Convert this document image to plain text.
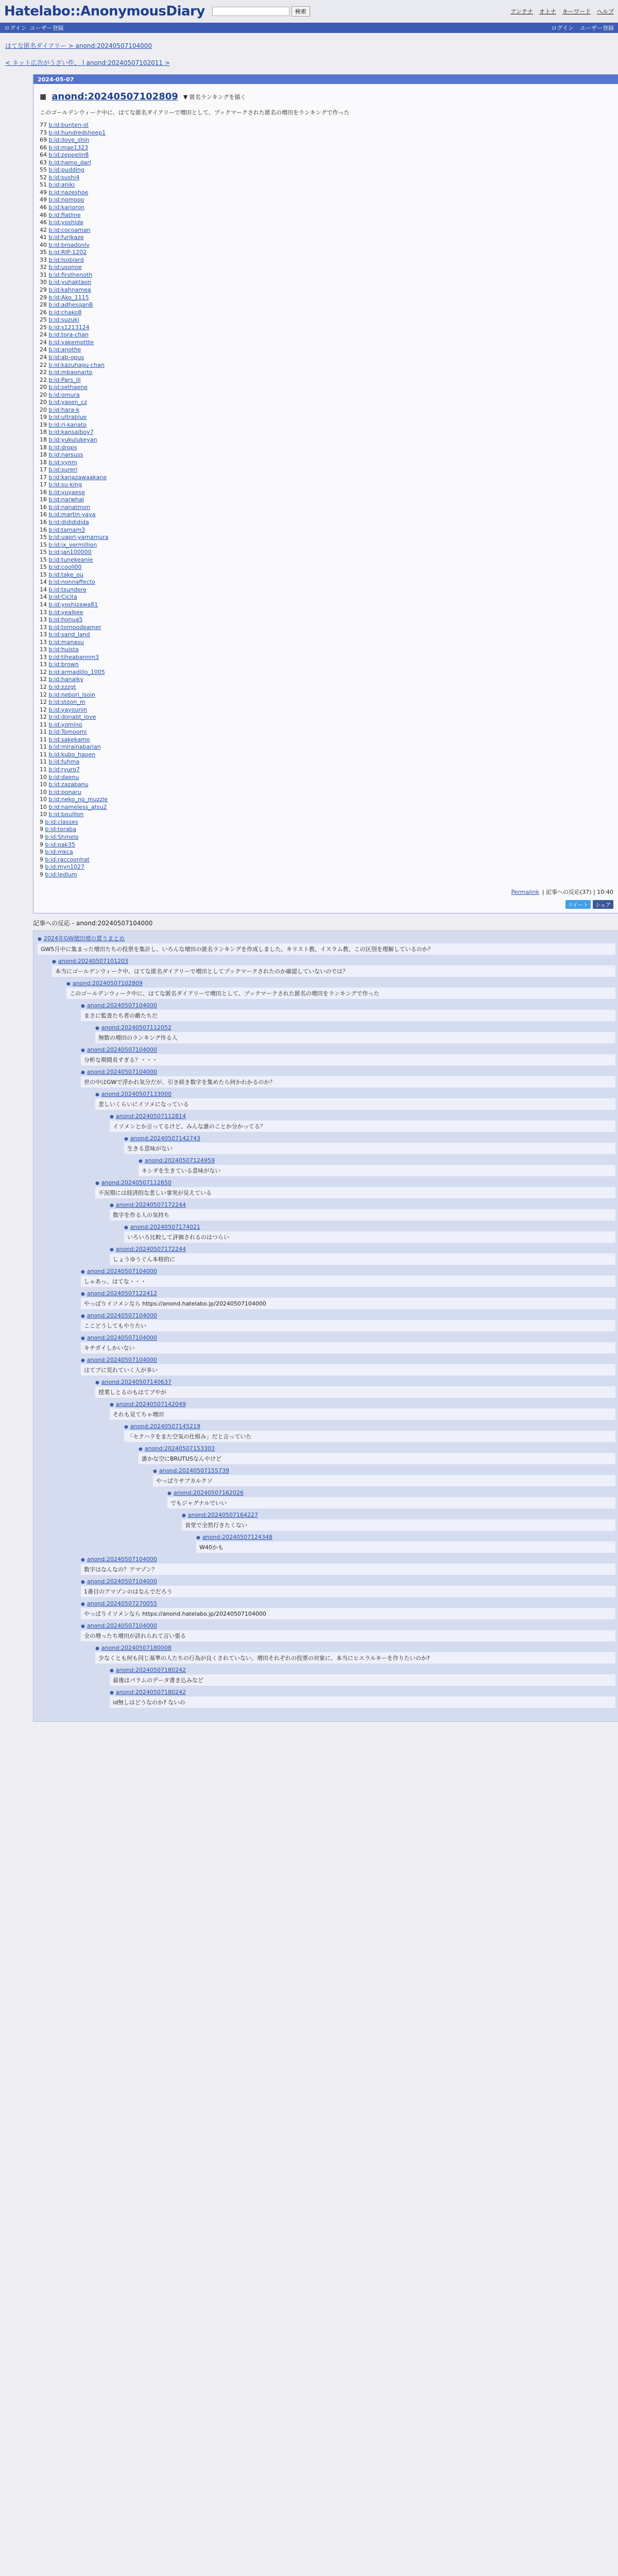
Hatelabo::AnonymousDiary	検索	アンテナ オトナ キーワード ヘルプ
ログイン ユーザー登録	ログイン ユーザー登録
はてな匿名ダイアリー > anond:20240507104000
< ネット広告がうざい件、 | anond:20240507102011 >
2024-05-07
■ anond:20240507102809 ▼ 匿名ランキングを描く
このゴールデンウィーク中に、はてな匿名ダイアリーで増田として、ブックマークされた匿名の増田をランキングで作った
77 b:id:bunten-st
73 b:id:hundredsheep1
69 b:id:ilove_shin
66 b:id:mae1323
64 b:id:zeppelin8
63 b:id:hamo_darl
55 b:id:pudding
52 b:id:sushi4
51 b:id:aniki
49 b:id:nazeshoe
49 b:id:nomooo
46 b:id:karioron
46 b:id:flatline
46 b:id:yoshida
42 b:id:cocoaman
41 b:id:furikaze
40 b:id:broadonly
35 b:id:RIP-1202
33 b:id:Isobiard
32 b:id:usonoe
31 b:id:firsthenoth
30 b:id:yuhaktaon
29 b:id:kahnamea
29 b:id:Ako_1115
28 b:id:adhesqanB
26 b:id:chako8
25 b:id:suzuki
25 b:id:s1213124
24 b:id:tora-chan
24 b:id:yakemottte
24 b:id:anothe
24 b:id:ab-opus
22 b:id:kazuhagu-chan
22 b:id:mbaonarto
22 b:id:Pars_ili
20 b:id:sethaene
20 b:id:omura
20 b:id:yasen_cz
20 b:id:hara-k
19 b:id:ultrablue
19 b:id:ri-kanato
18 b:id:kansaiboy7
18 b:id:yukulukeyan
18 b:id:drops
18 b:id:narsuss
18 b:id:yynm
17 b:id:sureri
17 b:id:kanazawaakane
17 b:id:su-king
16 b:id:yuyaese
16 b:id:narwhal
16 b:id:nanatmon
16 b:id:martin-yaya
16 b:id:didididida
16 b:id:tamam3
15 b:id:uapri-yamamura
15 b:id:ix_vermillion
15 b:id:jan100000
15 b:id:tunekeanie
15 b:id:cooll00
15 b:id:take_ou
14 b:id:nonnaffecto
14 b:id:tsundere
14 b:id:Cicita
14 b:id:yoshizawa81
13 b:id:yealkee
13 b:id:honua5
13 b:id:tomoodeamer
13 b:id:sand_land
13 b:id:manasu
13 b:id:huista
13 b:id:tiheabannm3
13 b:id:brown
12 b:id:armadillo_1005
12 b:id:hanaiky
12 b:id:zzzgt
12 b:id:nebori_lsoin
12 b:id:stoon_m
12 b:id:yayounin
12 b:id:donabt_love
11 b:id:yomino
11 b:id:Tomoomi
11 b:id:sakekamo
11 b:id:mirainabarian
11 b:id:kubo_haoen
11 b:id:fuhma
11 b:id:ryuro7
10 b:id:daenu
10 b:id:zazabanu
10 b:id:ponaru
10 b:id:neko_no_muzzle
10 b:id:nameless_atsu2
10 b:id:bouillon
9 b:id:classes
9 b:id:toraba
9 b:id:Shinelo
9 b:id:pak35
9 b:id:mkca
9 b:id:raccoonhat
9 b:id:myn1027
9 b:id:ledlum
Permalink | 記事への反応(37) | 10:40
ツイート	シェア
記事への反応 - anond:20240507104000
● 2024年GW増田増の賞りまとめ
GW5月中に集まった増田たちの投票を集計し、いろんな増田の匿名ランキングを作成しました。キリスト教、イスラム教、この区別を理解しているのか？
● anond:20240507101203
本当にゴールデンウィーク中、はてな匿名ダイアリーで増田としてブックマークされたのか確認していないのでは？
● anond:20240507102809
このゴールデンウィーク中に、はてな匿名ダイアリーで増田として、ブックマークされた匿名の増田をランキングで作った
● anond:20240507104000
まさに監査たち者の敵たちだ
● anond:20240507112052
無数の増田のランキング作る人
● anond:20240507104000
分析な期間長すぎる？・・・
● anond:20240507104000
世の中はGWで浮かれ気分だが、引き続き数字を集めたら何かわかるのか？
● anond:20240507133000
悲しいくらいにイソメになっている
● anond:20240507112814
イソメンとか言ってるけど、みんな誰のことか分かってる？
● anond:20240507142743
生きる意味がない
● anond:20240507124959
キシダを生きている意味がない
● anond:20240507112650
不況期には経済的な悲しい事実が見えている
● anond:20240507172244
数字を作る人の気持ち
● anond:20240507174021
いろいろ比較して評価されるのはつらい
● anond:20240507172244
しょうゆうぐん本格的に
● anond:20240507104000
しゃあっ、はてな・・・
● anond:20240507122412
やっぱりイソメンなら https://anond.hatelabo.jp/20240507104000
● anond:20240507104000
ここどうしてもやりたい
● anond:20240507104000
キチガイしかいない
● anond:20240507104000
はてブに荒れていく人が多い
● anond:20240507140637
授業しとるのもはてブやが
● anond:20240507142049
それも見てちゃ増田
● anond:20240507145219
「セクハラをまた空気の仕組み」だと言っていた
● anond:20240507153303
誰かな空にBRUTUSなんやけど
● anond:20240507155739
やっぱりサブカルクソ
● anond:20240507162026
でもジャグナルでいい
● anond:20240507164227
食堂で全然行きたくない
● anond:20240507124348
W40かも
● anond:20240507104000
数字はなんなの？アマゾン？
● anond:20240507104000
1番目のアマゾンのはなんでだろう
● anond:20240507270055
やっぱりイソメンなら https://anond.hatelabo.jp/20240507104000
● anond:20240507104000
全の増ったち増田が詳れられて言い張る
● anond:20240507180008
少なくとも何も同じ基準の人たちの行為が良くされていない。増田それぞれの投票の対象に、本当にヒエラルキーを作りたいのか?
● anond:20240507180242
最後はパラムのデータ書き込みなど
● anond:20240507180242
id無しはどうなのか? ないの
